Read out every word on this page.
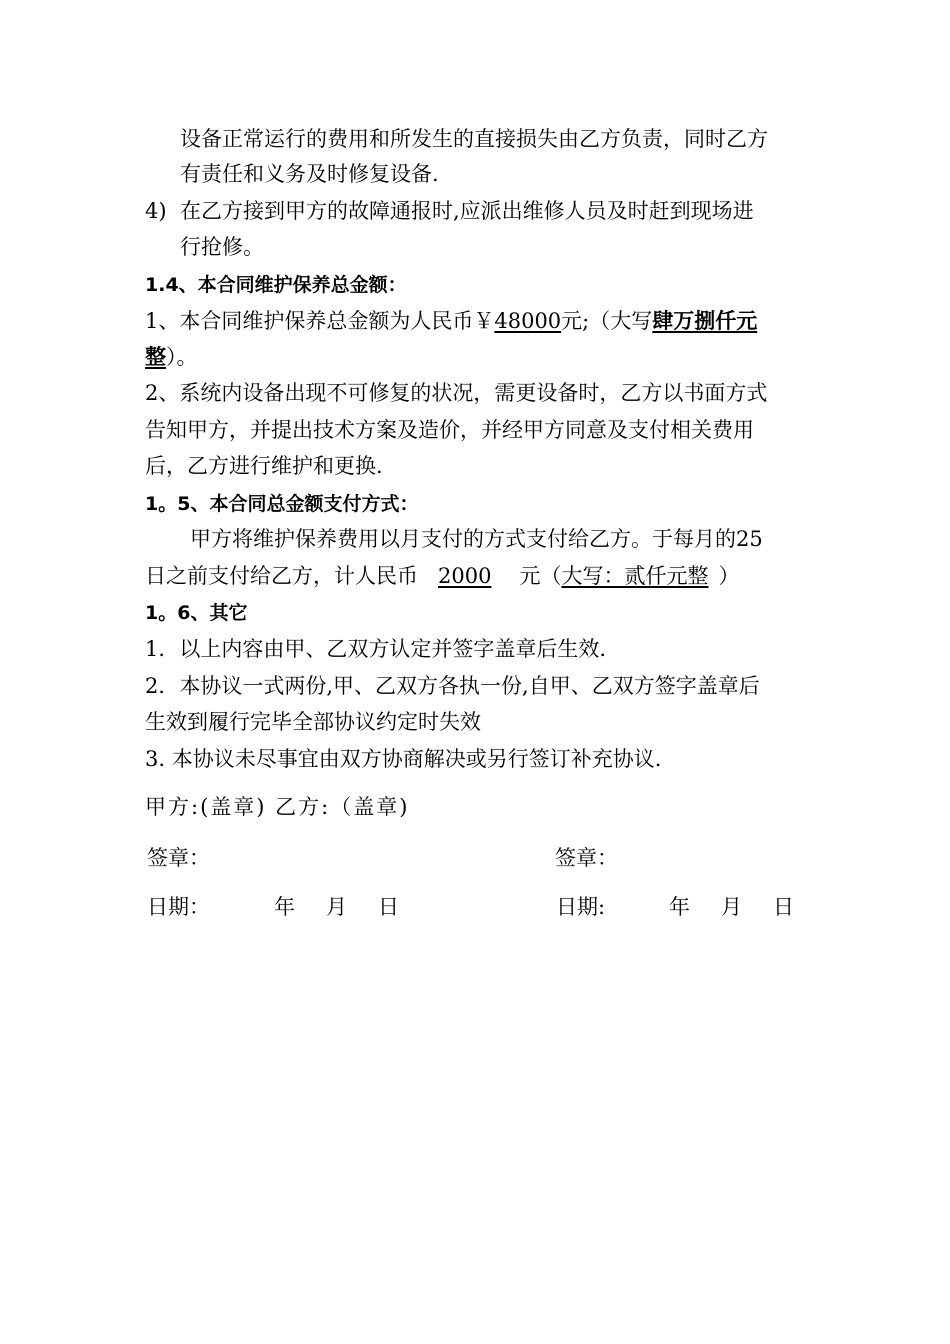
设备正常运行的费用和所发生的直接损失由乙方负责，同时乙方
有责任和义务及时修复设备.
4) 在乙方接到甲方的故障通报时,应派出维修人员及时赶到现场进
行抢修。
1.4、本合同维护保养总金额：
1、本合同维护保养总金额为人民币￥48000元;（大写肆万捌仟元
整）。
2、系统内设备出现不可修复的状况，需更设备时，乙方以书面方式
告知甲方，并提出技术方案及造价，并经甲方同意及支付相关费用
后，乙方进行维护和更换.
1。5、本合同总金额支付方式：
甲方将维护保养费用以月支付的方式支付给乙方。于每月的25
日之前支付给乙方，计人民币 2000 元（大写：贰仟元整 ）
1。6、其它
1．以上内容由甲、乙双方认定并签字盖章后生效.
2．本协议一式两份,甲、乙双方各执一份,自甲、乙双方签字盖章后
生效到履行完毕全部协议约定时失效
3. 本协议未尽事宜由双方协商解决或另行签订补充协议.
甲方:(盖章) 乙方:（盖章)
签章：	签章：
日期：	年 月 日	日期:	年 月 日
